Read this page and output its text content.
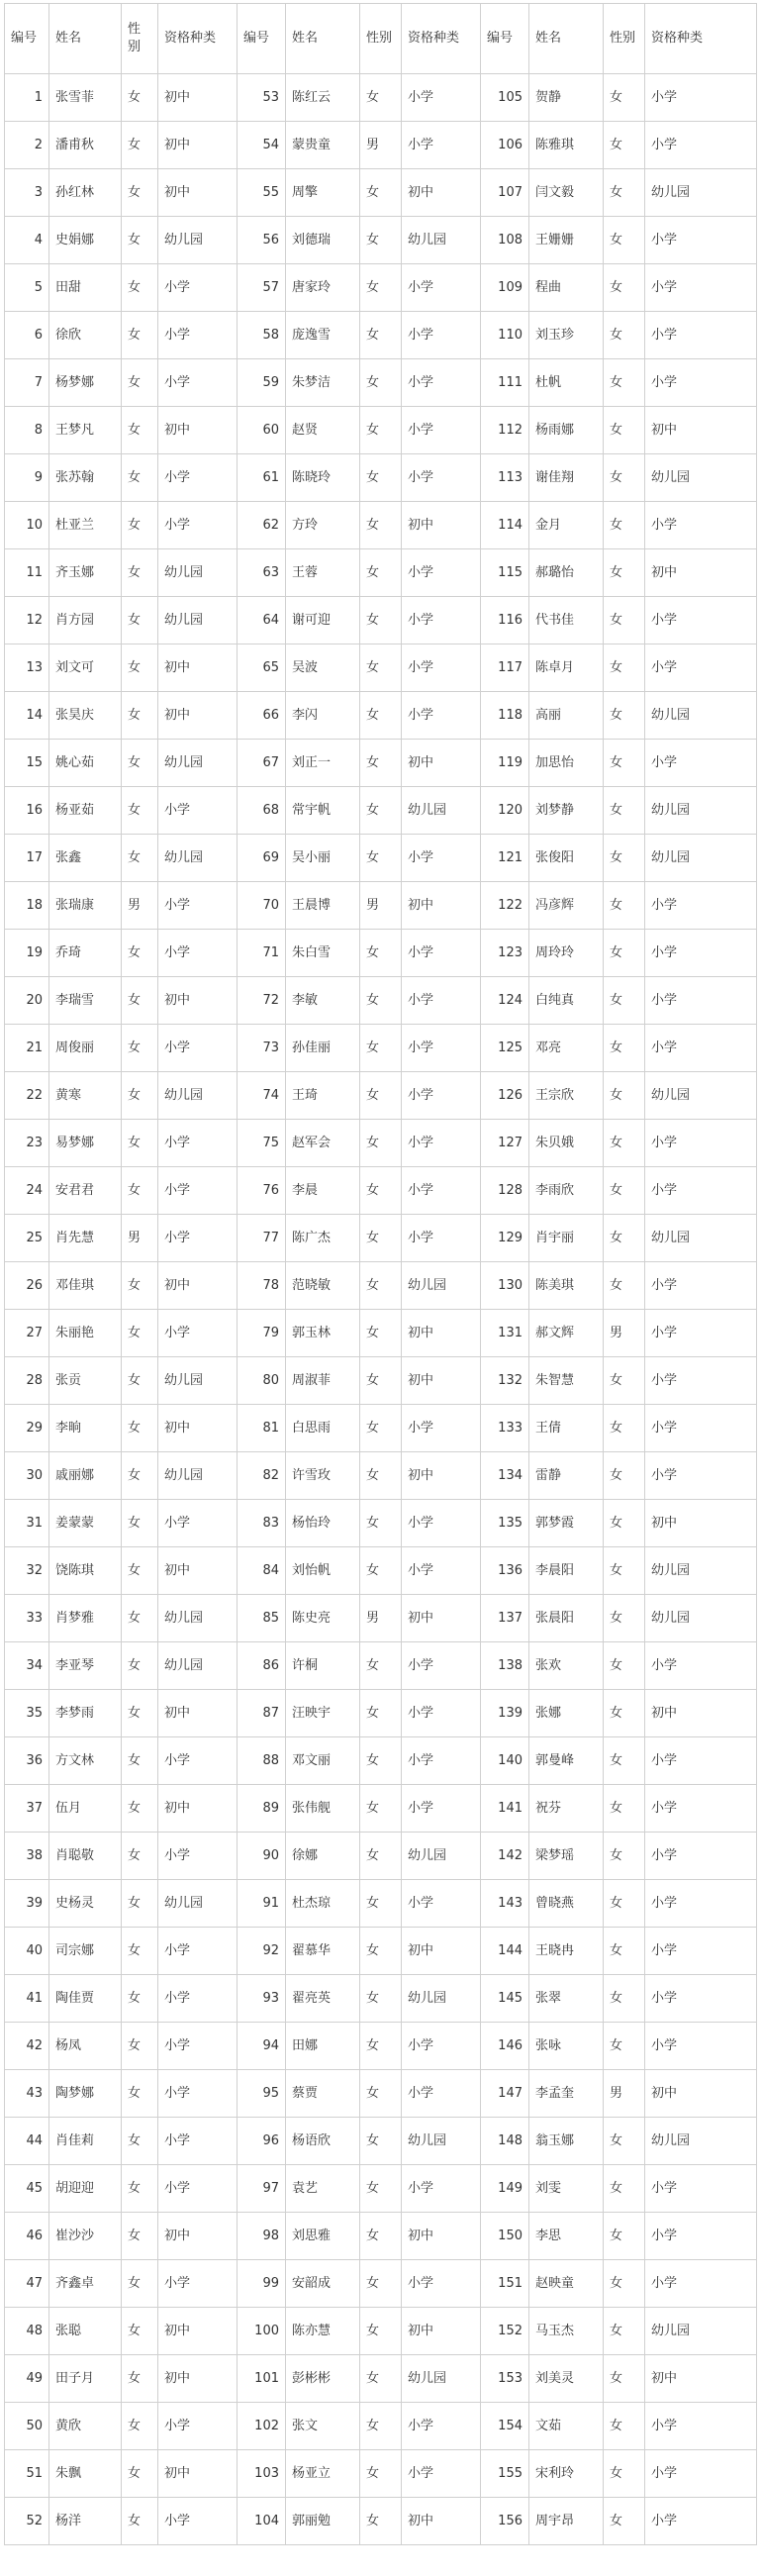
编号	姓名	性别	资格种类	编号	姓名	性别	资格种类	编号	姓名	性别	资格种类
1	张雪菲	女	初中	53	陈红云	女	小学	105	贺静	女	小学
2	潘甫秋	女	初中	54	蒙贵童	男	小学	106	陈雅琪	女	小学
3	孙红林	女	初中	55	周擎	女	初中	107	闫文毅	女	幼儿园
4	史娟娜	女	幼儿园	56	刘德瑞	女	幼儿园	108	王姗姗	女	小学
5	田甜	女	小学	57	唐家玲	女	小学	109	程曲	女	小学
6	徐欣	女	小学	58	庞逸雪	女	小学	110	刘玉珍	女	小学
7	杨梦娜	女	小学	59	朱梦洁	女	小学	111	杜帆	女	小学
8	王梦凡	女	初中	60	赵贤	女	小学	112	杨雨娜	女	初中
9	张苏翰	女	小学	61	陈晓玲	女	小学	113	谢佳翔	女	幼儿园
10	杜亚兰	女	小学	62	方玲	女	初中	114	金月	女	小学
11	齐玉娜	女	幼儿园	63	王蓉	女	小学	115	郝璐怡	女	初中
12	肖方园	女	幼儿园	64	谢可迎	女	小学	116	代书佳	女	小学
13	刘文可	女	初中	65	吴波	女	小学	117	陈卓月	女	小学
14	张昊庆	女	初中	66	李闪	女	小学	118	高丽	女	幼儿园
15	姚心茹	女	幼儿园	67	刘正一	女	初中	119	加思怡	女	小学
16	杨亚茹	女	小学	68	常宇帆	女	幼儿园	120	刘梦静	女	幼儿园
17	张鑫	女	幼儿园	69	吴小丽	女	小学	121	张俊阳	女	幼儿园
18	张瑞康	男	小学	70	王晨博	男	初中	122	冯彦辉	女	小学
19	乔琦	女	小学	71	朱白雪	女	小学	123	周玲玲	女	小学
20	李瑞雪	女	初中	72	李敏	女	小学	124	白纯真	女	小学
21	周俊丽	女	小学	73	孙佳丽	女	小学	125	邓亮	女	小学
22	黄寒	女	幼儿园	74	王琦	女	小学	126	王宗欣	女	幼儿园
23	易梦娜	女	小学	75	赵军会	女	小学	127	朱贝娥	女	小学
24	安君君	女	小学	76	李晨	女	小学	128	李雨欣	女	小学
25	肖先慧	男	小学	77	陈广杰	女	小学	129	肖宇丽	女	幼儿园
26	邓佳琪	女	初中	78	范晓敏	女	幼儿园	130	陈美琪	女	小学
27	朱丽艳	女	小学	79	郭玉林	女	初中	131	郝文辉	男	小学
28	张贡	女	幼儿园	80	周淑菲	女	初中	132	朱智慧	女	小学
29	李晌	女	初中	81	白思雨	女	小学	133	王倩	女	小学
30	戚丽娜	女	幼儿园	82	许雪玫	女	初中	134	雷静	女	小学
31	姜蒙蒙	女	小学	83	杨怡玲	女	小学	135	郭梦霞	女	初中
32	饶陈琪	女	初中	84	刘怡帆	女	小学	136	李晨阳	女	幼儿园
33	肖梦雅	女	幼儿园	85	陈史亮	男	初中	137	张晨阳	女	幼儿园
34	李亚琴	女	幼儿园	86	许桐	女	小学	138	张欢	女	小学
35	李梦雨	女	初中	87	汪映宇	女	小学	139	张娜	女	初中
36	方文林	女	小学	88	邓文丽	女	小学	140	郭曼峰	女	小学
37	伍月	女	初中	89	张伟舰	女	小学	141	祝芬	女	小学
38	肖聪敬	女	小学	90	徐娜	女	幼儿园	142	梁梦瑶	女	小学
39	史杨灵	女	幼儿园	91	杜杰琼	女	小学	143	曾晓燕	女	小学
40	司宗娜	女	小学	92	翟慕华	女	初中	144	王晓冉	女	小学
41	陶佳贾	女	小学	93	翟亮英	女	幼儿园	145	张翠	女	小学
42	杨凤	女	小学	94	田娜	女	小学	146	张咏	女	小学
43	陶梦娜	女	小学	95	蔡贾	女	小学	147	李孟奎	男	初中
44	肖佳莉	女	小学	96	杨语欣	女	幼儿园	148	翁玉娜	女	幼儿园
45	胡迎迎	女	小学	97	袁艺	女	小学	149	刘雯	女	小学
46	崔沙沙	女	初中	98	刘思雅	女	初中	150	李思	女	小学
47	齐鑫卓	女	小学	99	安韶成	女	小学	151	赵映童	女	小学
48	张聪	女	初中	100	陈亦慧	女	初中	152	马玉杰	女	幼儿园
49	田子月	女	初中	101	彭彬彬	女	幼儿园	153	刘美灵	女	初中
50	黄欣	女	小学	102	张文	女	小学	154	文茹	女	小学
51	朱飘	女	初中	103	杨亚立	女	小学	155	宋利玲	女	小学
52	杨洋	女	小学	104	郭丽勉	女	初中	156	周宇昂	女	小学
